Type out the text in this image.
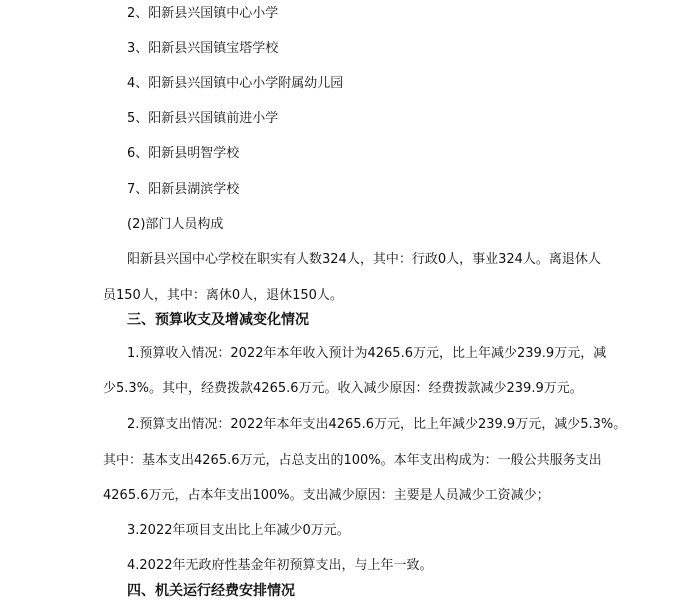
2、阳新县兴国镇中心小学
3、阳新县兴国镇宝塔学校
4、阳新县兴国镇中心小学附属幼儿园
5、阳新县兴国镇前进小学
6、阳新县明智学校
7、阳新县湖滨学校
(2)部门人员构成
阳新县兴国中心学校在职实有人数324人，其中：行政0人，事业324人。离退休人
员150人，其中：离休0人，退休150人。
三、预算收支及增减变化情况
1.预算收入情况：2022年本年收入预计为4265.6万元，比上年减少239.9万元，减
少5.3%。其中，经费拨款4265.6万元。收入减少原因：经费拨款减少239.9万元。
2.预算支出情况：2022年本年支出4265.6万元，比上年减少239.9万元，减少5.3%。
其中：基本支出4265.6万元，占总支出的100%。本年支出构成为：一般公共服务支出
4265.6万元，占本年支出100%。支出减少原因：主要是人员减少工资减少；
3.2022年项目支出比上年减少0万元。
4.2022年无政府性基金年初预算支出，与上年一致。
四、机关运行经费安排情况
